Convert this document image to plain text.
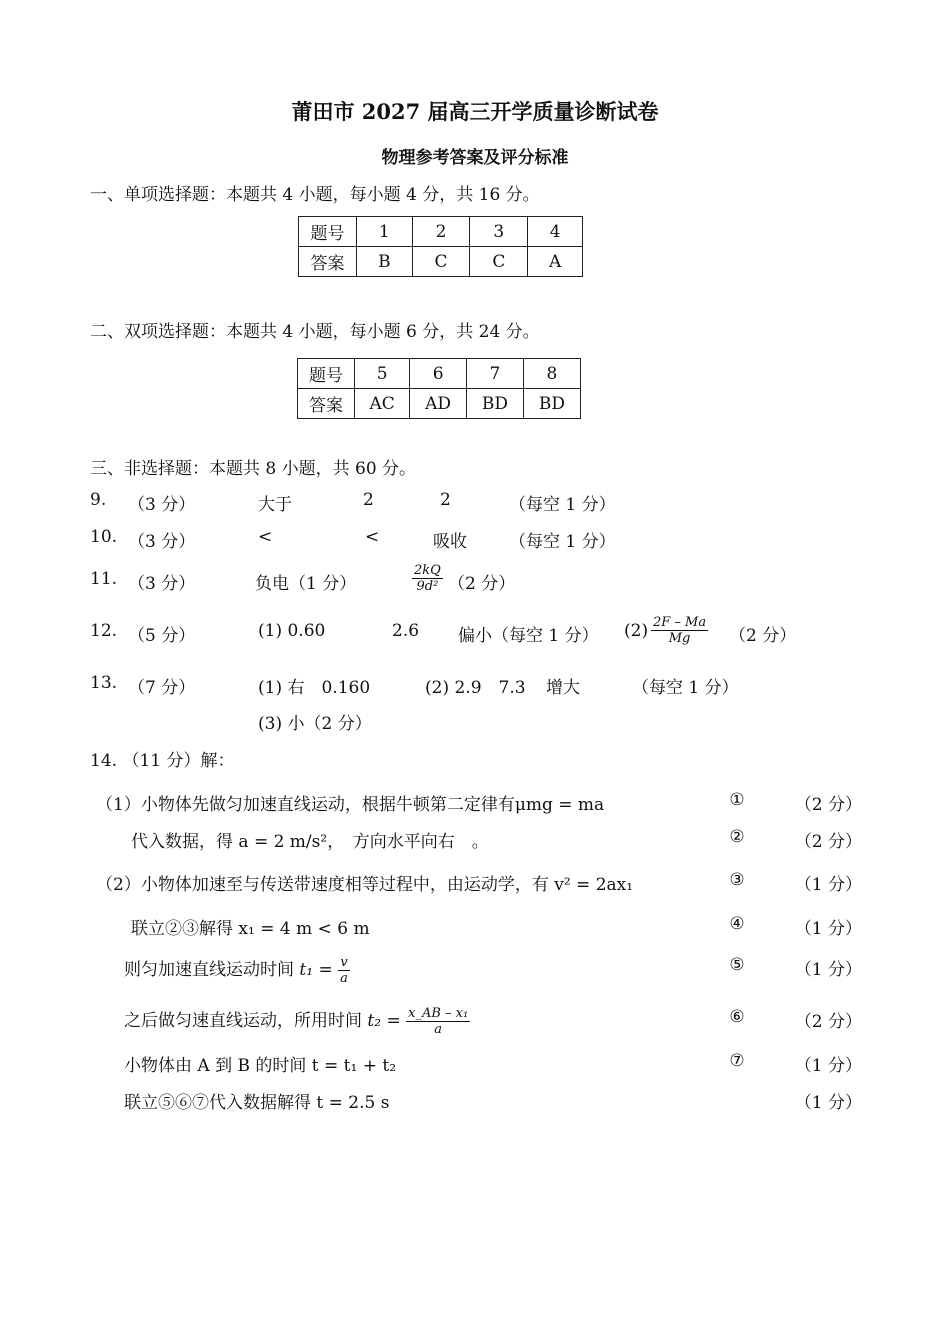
莆田市 2027 届高三开学质量诊断试卷
物理参考答案及评分标准
一、单项选择题：本题共 4 小题，每小题 4 分，共 16 分。
题号	1	2	3	4
答案	B	C	C	A
二、双项选择题：本题共 4 小题，每小题 6 分，共 24 分。
题号	5	6	7	8
答案	AC	AD	BD	BD
三、非选择题：本题共 8 小题，共 60 分。
9. （3 分）	大于	2	2	（每空 1 分）
10. （3 分）	<	<	吸收 （每空 1 分）
11. （3 分）	负电（1 分）	$\frac{2kQ}{\text{9d²}} (2$ 分）
12. （5 分）	(1) 0.60	2.6 偏小（每空 1 分） $(2) \frac{2F - Ma}{Mg} (2$ 分）
13. （7 分）	(1) 右　0.160	(2) 2.9　7.3 增大	（每空 1 分）
(3) 小（2 分）
14. （11 分）解：
（1）小物体先做匀加速直线运动，根据牛顿第二定律有μmg = ma	①	（2 分）
代入数据，得 a = 2 m/s²，　方向水平向右　。	②	（2 分）
（2）小物体加速至与传送带速度相等过程中，由运动学，有 v² = 2ax₁	③	（1 分）
联立②③解得 x₁ = 4 m < 6 m	④	（1 分）
则匀加速直线运动时间 $t_1 = \frac{v}{a}$	⑤	（1 分）
之后做匀速直线运动，所用时间 $t_2 = \frac{\text{x\_AB – x₁}}{a}$	⑥	（2 分）
小物体由 A 到 B 的时间 t = t₁ + t₂	⑦	（1 分）
联立⑤⑥⑦代入数据解得 t = 2.5 s	（1 分）
